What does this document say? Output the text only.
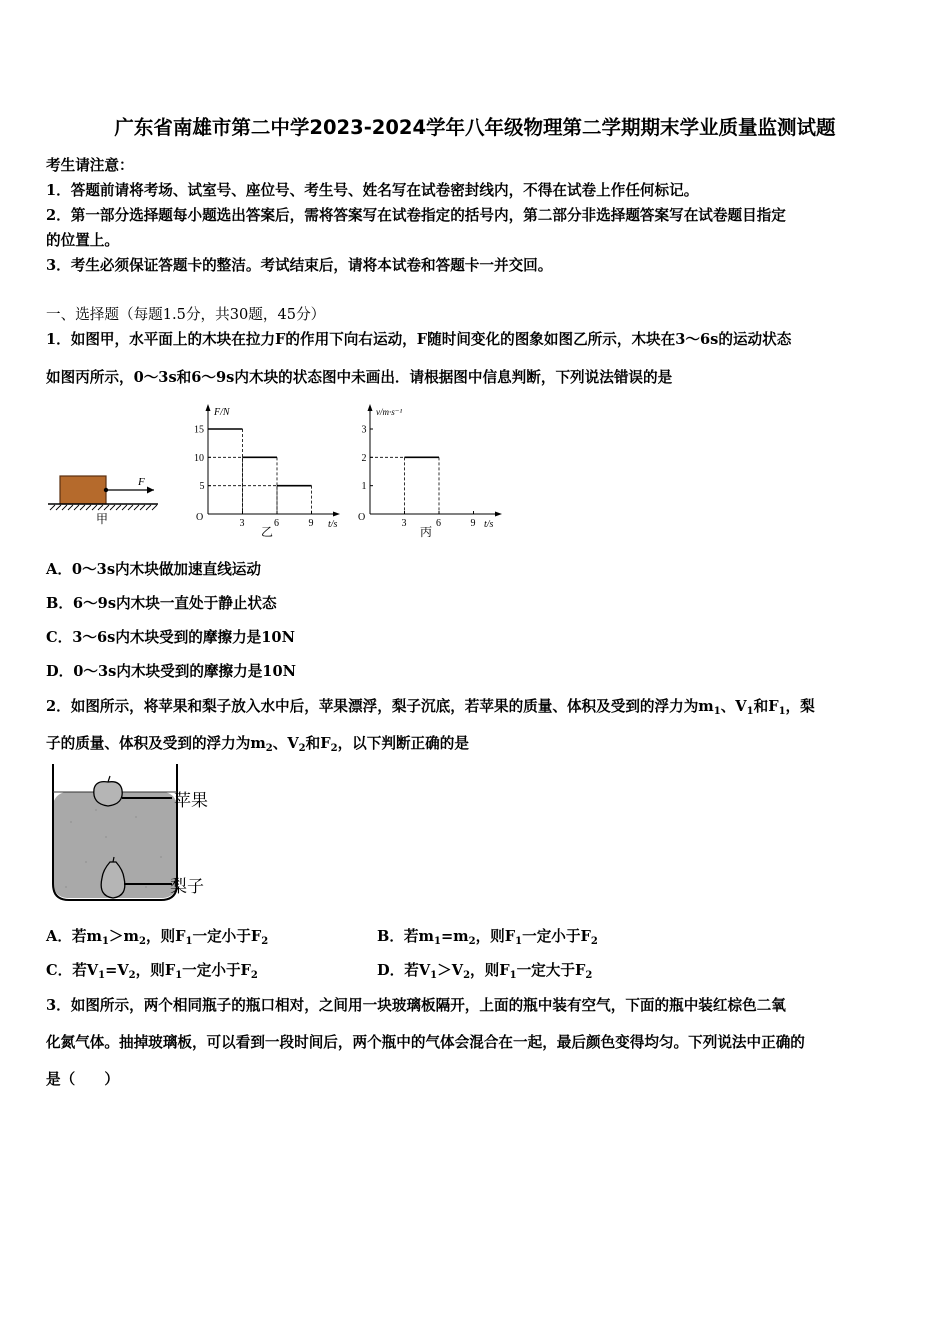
广东省南雄市第二中学2023-2024学年八年级物理第二学期期末学业质量监测试题
考生请注意：
1．答题前请将考场、试室号、座位号、考生号、姓名写在试卷密封线内，不得在试卷上作任何标记。
2．第一部分选择题每小题选出答案后，需将答案写在试卷指定的括号内，第二部分非选择题答案写在试卷题目指定
的位置上。
3．考生必须保证答题卡的整洁。考试结束后，请将本试卷和答题卡一并交回。
一、选择题（每题1.5分，共30题，45分）
1．如图甲，水平面上的木块在拉力F的作用下向右运动，F随时间变化的图象如图乙所示，木块在3～6s的运动状态
如图丙所示，0～3s和6～9s内木块的状态图中未画出．请根据图中信息判断，下列说法错误的是
F
甲
F/N
t/s
O
乙
3	6	9
5
10
15
v/m·s⁻¹
t/s
O
丙
3	6	9
1
2
3
A．0～3s内木块做加速直线运动
B．6～9s内木块一直处于静止状态
C．3～6s内木块受到的摩擦力是10N
D．0～3s内木块受到的摩擦力是10N
2．如图所示，将苹果和梨子放入水中后，苹果漂浮，梨子沉底，若苹果的质量、体积及受到的浮力为$m_1$、$V_1$和$F_1$，梨
子的质量、体积及受到的浮力为$m_2$、$V_2$和$F_2$，以下判断正确的是
苹果
梨子
A．若$m_1>m_2$，则$F_1$一定小于$F_2$	B．若$m_1=m_2$，则$F_1$一定小于$F_2$
C．若$V_1=V_2$，则$F_1$一定小于$F_2$	D．若$V_1>V_2$，则$F_1$一定大于$F_2$
3．如图所示，两个相同瓶子的瓶口相对，之间用一块玻璃板隔开，上面的瓶中装有空气，下面的瓶中装红棕色二氧
化氮气体。抽掉玻璃板，可以看到一段时间后，两个瓶中的气体会混合在一起，最后颜色变得均匀。下列说法中正确的
是（　　）
